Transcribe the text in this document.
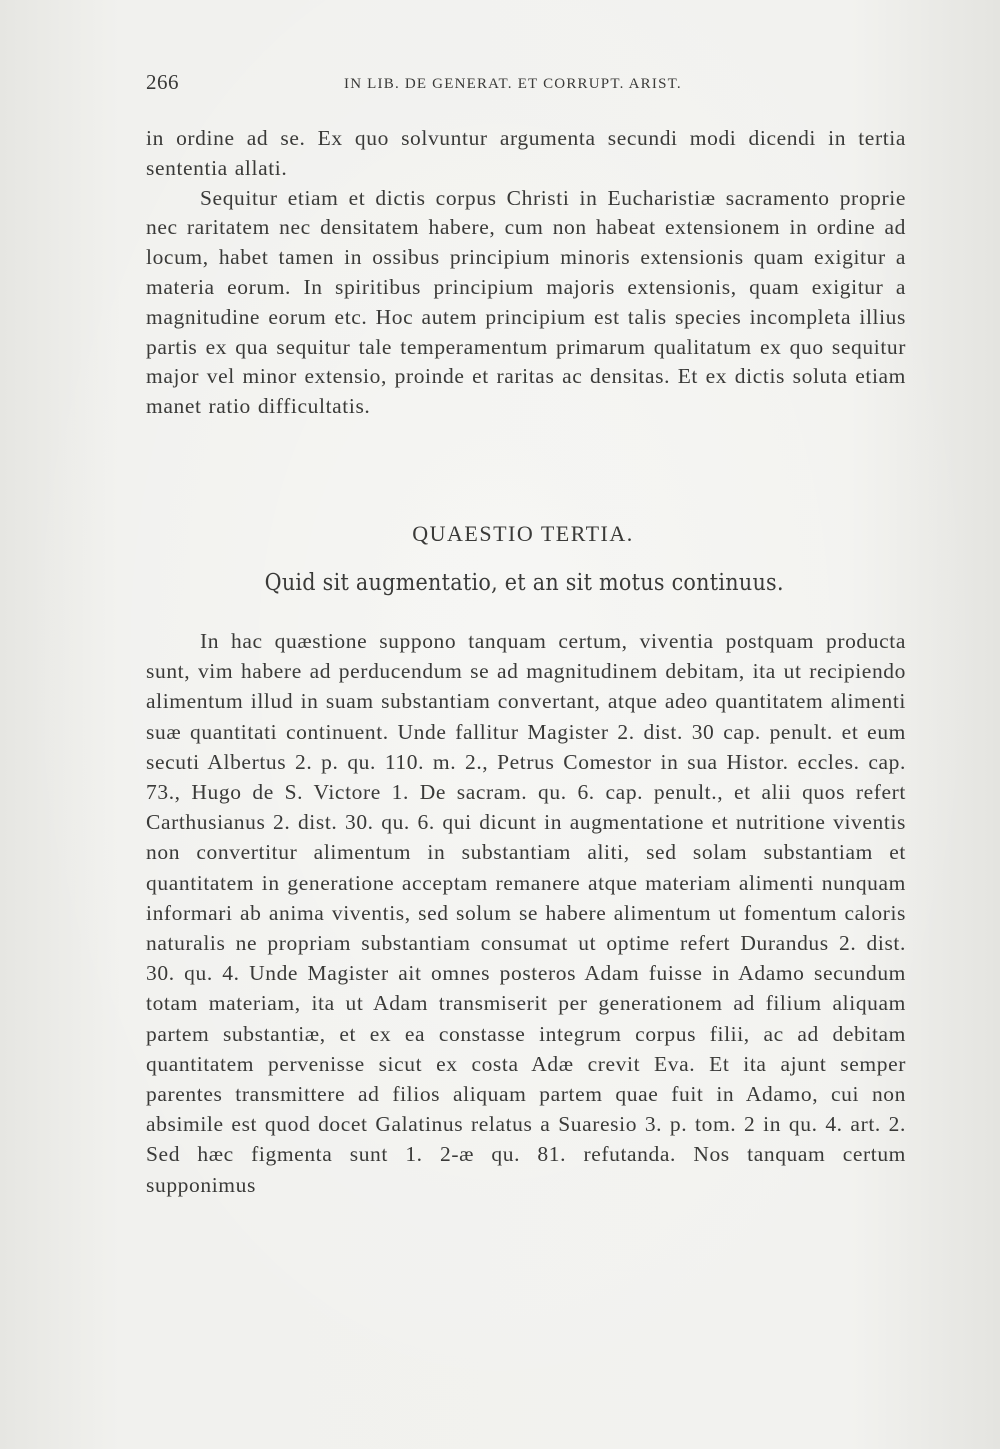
266	IN LIB. DE GENERAT. ET CORRUPT. ARIST.

in ordine ad se. Ex quo solvuntur argumenta secundi modi dicendi in tertia sententia allati.

Sequitur etiam et dictis corpus Christi in Eucharistiæ sacramento proprie nec raritatem nec densitatem habere, cum non habeat extensionem in ordine ad locum, habet tamen in ossibus principium minoris extensionis quam exigitur a materia eorum. In spiritibus principium majoris extensionis, quam exigitur a magnitudine eorum etc. Hoc autem principium est talis species incompleta illius partis ex qua sequitur tale temperamentum primarum qualitatum ex quo sequitur major vel minor extensio, proinde et raritas ac densitas. Et ex dictis soluta etiam manet ratio difficultatis.

QUAESTIO TERTIA.
Quid sit augmentatio, et an sit motus continuus.

In hac quæstione suppono tanquam certum, viventia postquam producta sunt, vim habere ad perducendum se ad magnitudinem debitam, ita ut recipiendo alimentum illud in suam substantiam convertant, atque adeo quantitatem alimenti suæ quantitati continuent. Unde fallitur Magister 2. dist. 30 cap. penult. et eum secuti Albertus 2. p. qu. 110. m. 2., Petrus Comestor in sua Histor. eccles. cap. 73., Hugo de S. Victore 1. De sacram. qu. 6. cap. penult., et alii quos refert Carthusianus 2. dist. 30. qu. 6. qui dicunt in augmentatione et nutritione viventis non convertitur alimentum in substantiam aliti, sed solam substantiam et quantitatem in generatione acceptam remanere atque materiam alimenti nunquam informari ab anima viventis, sed solum se habere alimentum ut fomentum caloris naturalis ne propriam substantiam consumat ut optime refert Durandus 2. dist. 30. qu. 4. Unde Magister ait omnes posteros Adam fuisse in Adamo secundum totam materiam, ita ut Adam transmiserit per generationem ad filium aliquam partem substantiæ, et ex ea constasse integrum corpus filii, ac ad debitam quantitatem pervenisse sicut ex costa Adæ crevit Eva. Et ita ajunt semper parentes transmittere ad filios aliquam partem quae fuit in Adamo, cui non absimile est quod docet Galatinus relatus a Suaresio 3. p. tom. 2 in qu. 4. art. 2. Sed hæc figmenta sunt 1. 2-æ qu. 81. refutanda. Nos tanquam certum supponimus
